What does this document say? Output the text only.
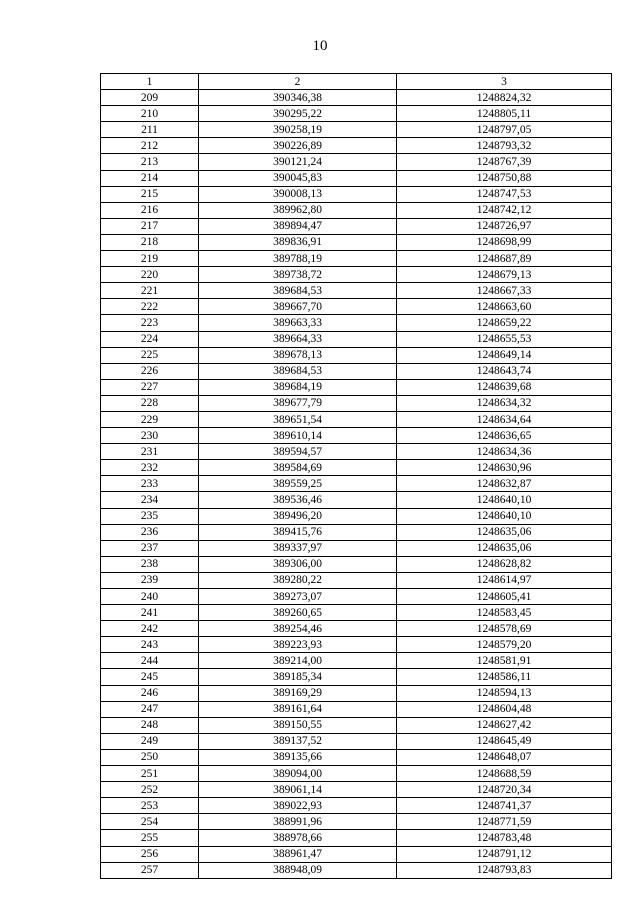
10
1	2	3
209	390346,38	1248824,32
210	390295,22	1248805,11
211	390258,19	1248797,05
212	390226,89	1248793,32
213	390121,24	1248767,39
214	390045,83	1248750,88
215	390008,13	1248747,53
216	389962,80	1248742,12
217	389894,47	1248726,97
218	389836,91	1248698,99
219	389788,19	1248687,89
220	389738,72	1248679,13
221	389684,53	1248667,33
222	389667,70	1248663,60
223	389663,33	1248659,22
224	389664,33	1248655,53
225	389678,13	1248649,14
226	389684,53	1248643,74
227	389684,19	1248639,68
228	389677,79	1248634,32
229	389651,54	1248634,64
230	389610,14	1248636,65
231	389594,57	1248634,36
232	389584,69	1248630,96
233	389559,25	1248632,87
234	389536,46	1248640,10
235	389496,20	1248640,10
236	389415,76	1248635,06
237	389337,97	1248635,06
238	389306,00	1248628,82
239	389280,22	1248614,97
240	389273,07	1248605,41
241	389260,65	1248583,45
242	389254,46	1248578,69
243	389223,93	1248579,20
244	389214,00	1248581,91
245	389185,34	1248586,11
246	389169,29	1248594,13
247	389161,64	1248604,48
248	389150,55	1248627,42
249	389137,52	1248645,49
250	389135,66	1248648,07
251	389094,00	1248688,59
252	389061,14	1248720,34
253	389022,93	1248741,37
254	388991,96	1248771,59
255	388978,66	1248783,48
256	388961,47	1248791,12
257	388948,09	1248793,83
